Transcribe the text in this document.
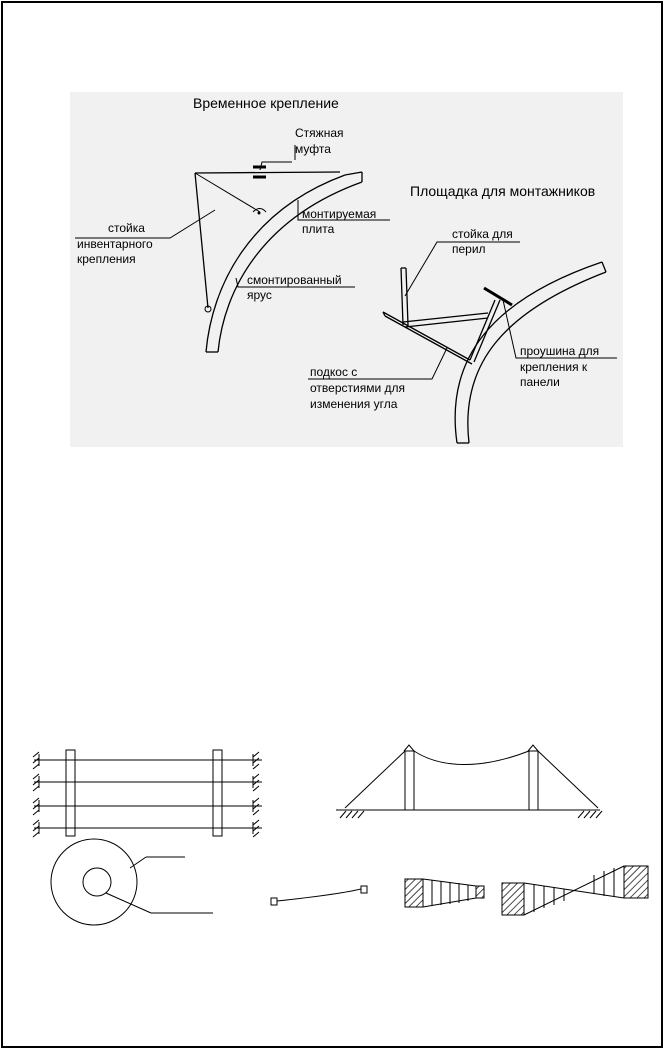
Временное крепление
Стяжная
муфта
монтируемая
плита
стойка
инвентарного
крепления
смонтированный
ярус
Площадка для монтажников
стойка для
перил
проушина для
крепления к
панели
подкос с
отверстиями для
изменения угла
